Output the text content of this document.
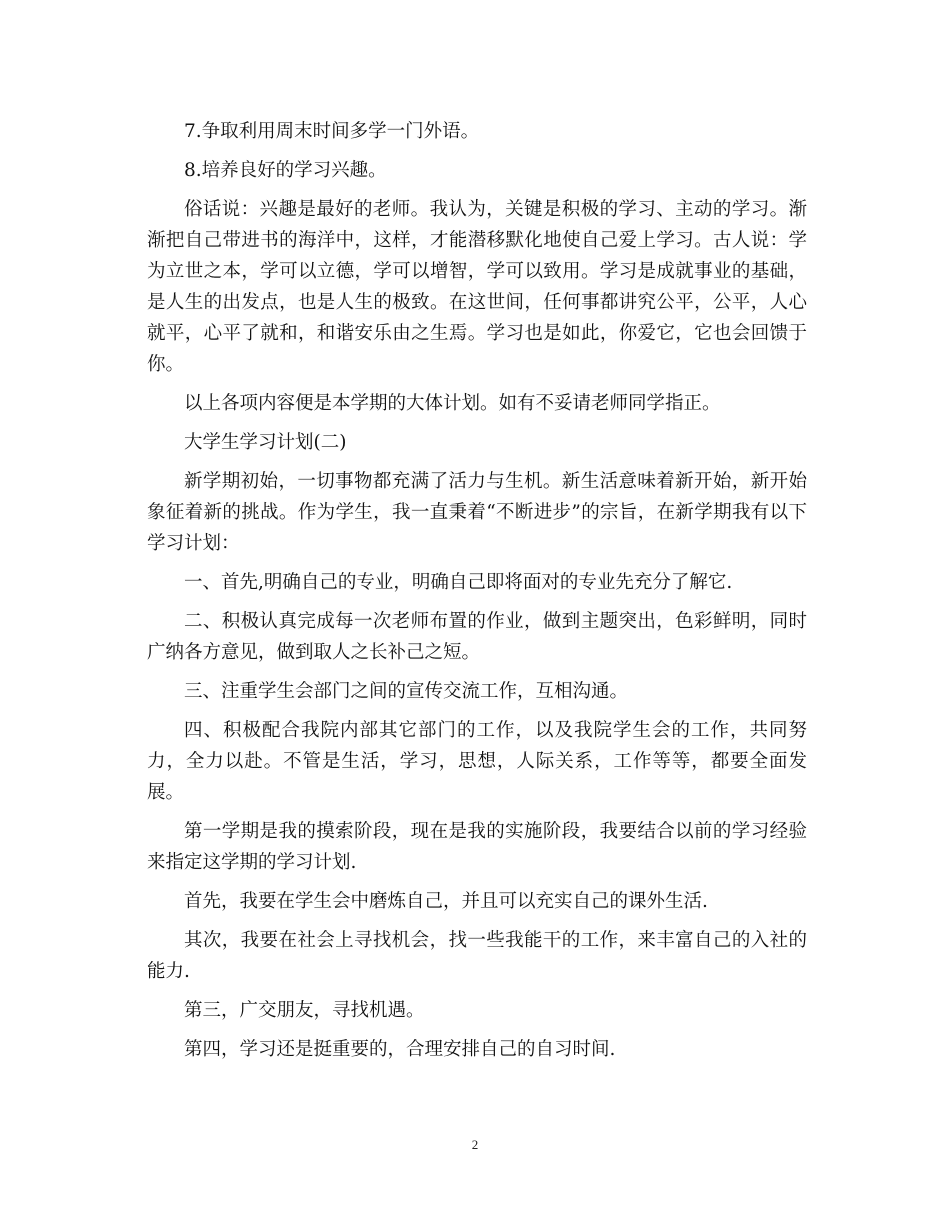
7.争取利用周末时间多学一门外语。

8.培养良好的学习兴趣。

俗话说：兴趣是最好的老师。我认为，关键是积极的学习、主动的学习。渐渐把自己带进书的海洋中，这样，才能潜移默化地使自己爱上学习。古人说：学为立世之本，学可以立德，学可以增智，学可以致用。学习是成就事业的基础，是人生的出发点，也是人生的极致。在这世间，任何事都讲究公平，公平，人心就平，心平了就和，和谐安乐由之生焉。学习也是如此，你爱它，它也会回馈于你。

以上各项内容便是本学期的大体计划。如有不妥请老师同学指正。

大学生学习计划(二)

新学期初始，一切事物都充满了活力与生机。新生活意味着新开始，新开始象征着新的挑战。作为学生，我一直秉着“不断进步”的宗旨，在新学期我有以下学习计划：

一、首先,明确自己的专业，明确自己即将面对的专业先充分了解它.

二、积极认真完成每一次老师布置的作业，做到主题突出，色彩鲜明，同时广纳各方意见，做到取人之长补己之短。

三、注重学生会部门之间的宣传交流工作，互相沟通。

四、积极配合我院内部其它部门的工作，以及我院学生会的工作，共同努力，全力以赴。不管是生活，学习，思想，人际关系，工作等等，都要全面发展。

第一学期是我的摸索阶段，现在是我的实施阶段，我要结合以前的学习经验来指定这学期的学习计划.

首先，我要在学生会中磨炼自己，并且可以充实自己的课外生活.

其次，我要在社会上寻找机会，找一些我能干的工作，来丰富自己的入社的能力.

第三，广交朋友，寻找机遇。

第四，学习还是挺重要的，合理安排自己的自习时间.

2
